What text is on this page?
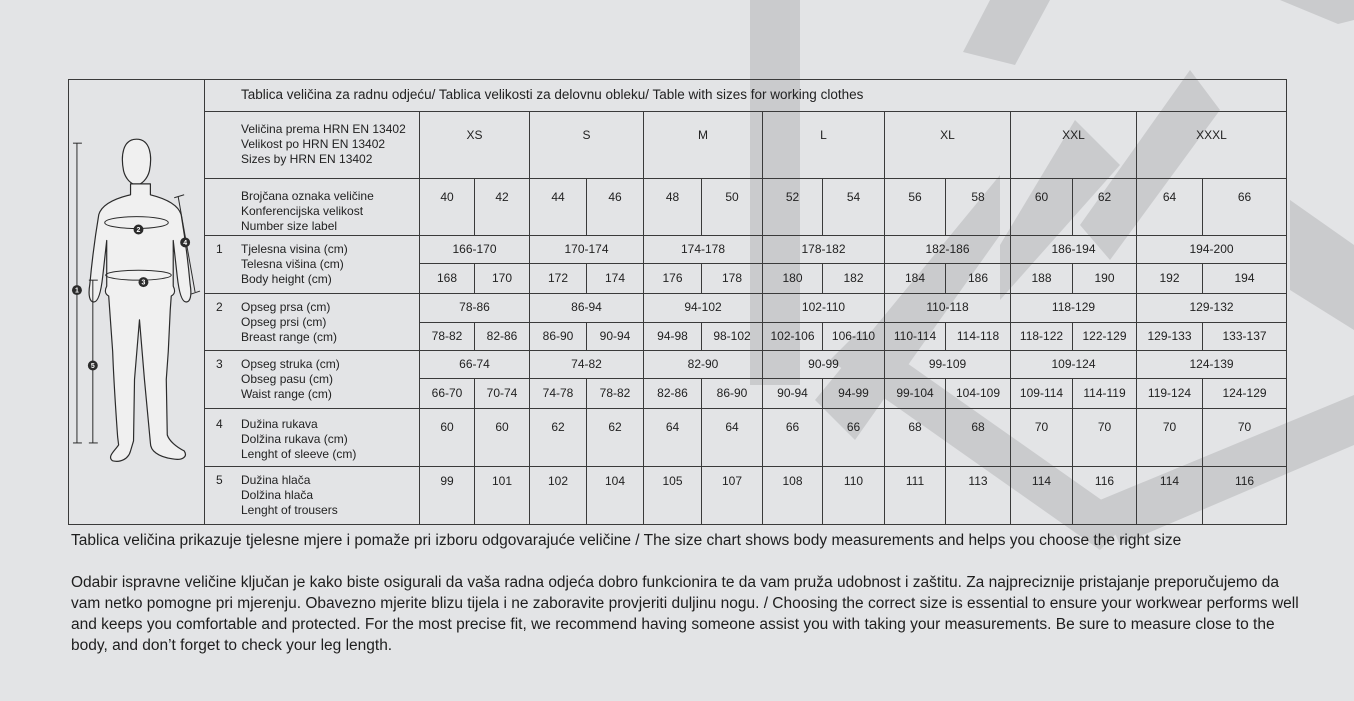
1
2
3
4
5	Tablica veličina za radnu odjeću/ Tablica velikosti za delovnu obleku/ Table with sizes for working clothes														

	Veličina prema HRN EN 13402
Velikost po HRN EN 13402
Sizes by HRN EN 13402	XS		S		M		L		XL		XXL		XXXL	

	Brojčana oznaka veličine
Konferencijska velikost
Number size label	40	42	44	46	48	50	52	54	56	58	60	62	64	66

	1 Tjelesna visina (cm)
Telesna višina (cm)
Body height (cm)	166-170		170-174		174-178		178-182		182-186		186-194		194-200	
		168	170	172	174	176	178	180	182	184	186	188	190	192	194

	2 Opseg prsa (cm)
Opseg prsi (cm)
Breast range (cm)	78-86		86-94		94-102		102-110		110-118		118-129		129-132	
		78-82	82-86	86-90	90-94	94-98	98-102	102-106	106-110	110-114	114-118	118-122	122-129	129-133	133-137

	3 Opseg struka (cm)
Obseg pasu (cm)
Waist range (cm)	66-74		74-82		82-90		90-99		99-109		109-124		124-139	
		66-70	70-74	74-78	78-82	82-86	86-90	90-94	94-99	99-104	104-109	109-114	114-119	119-124	124-129

	4 Dužina rukava
Dolžina rukava (cm)
Lenght of sleeve (cm)	60	60	62	62	64	64	66	66	68	68	70	70	70	70

	5 Dužina hlača
Dolžina hlača
Lenght of trousers	99	101	102	104	105	107	108	110	111	113	114	116	114	116
Tablica veličina prikazuje tjelesne mjere i pomaže pri izboru odgovarajuće veličine / The size chart shows body measurements and helps you choose the right size
Odabir ispravne veličine ključan je kako biste osigurali da vaša radna odjeća dobro funkcionira te da vam pruža udobnost i zaštitu. Za najpreciznije pristajanje preporučujemo da vam netko pomogne pri mjerenju. Obavezno mjerite blizu tijela i ne zaboravite provjeriti duljinu nogu. / Choosing the correct size is essential to ensure your workwear performs well and keeps you comfortable and protected. For the most precise fit, we recommend having someone assist you with taking your measurements. Be sure to measure close to the body, and don’t forget to check your leg length.
